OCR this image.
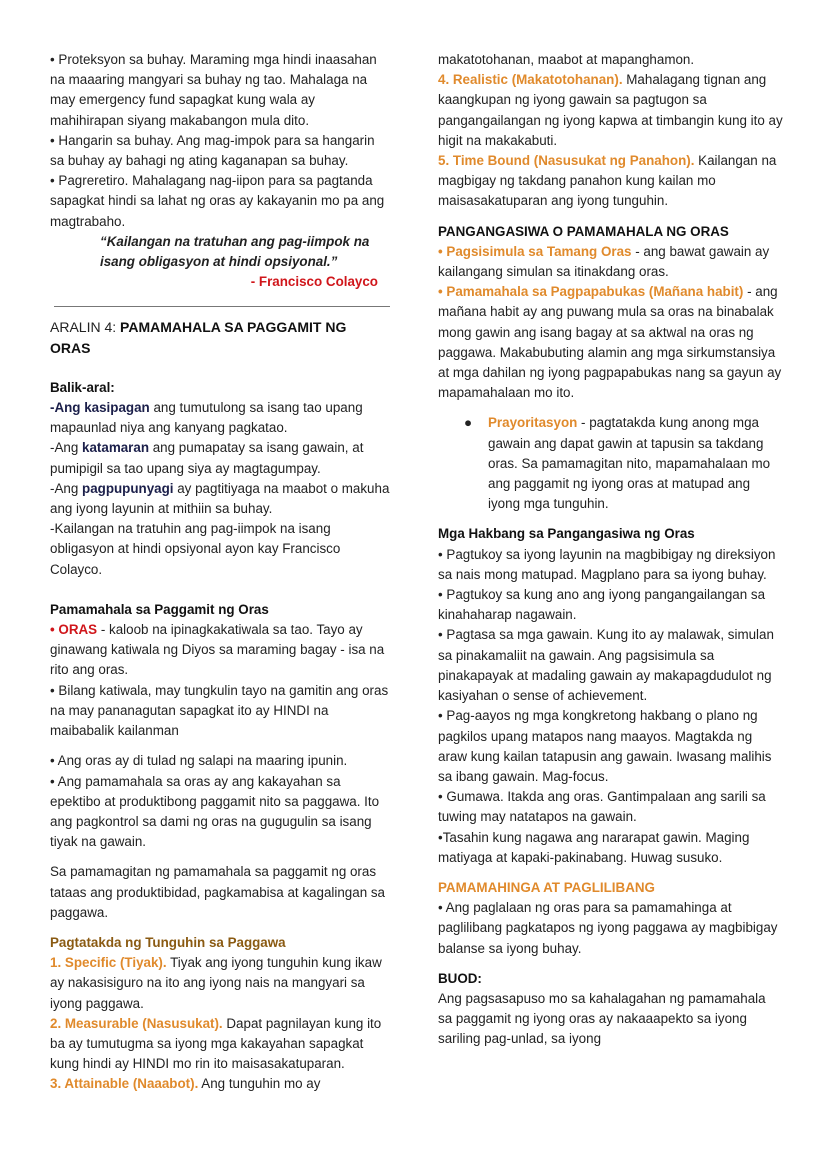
• Proteksyon sa buhay. Maraming mga hindi inaasahan na maaaring mangyari sa buhay ng tao. Mahalaga na may emergency fund sapagkat kung wala ay mahihirapan siyang makabangon mula dito.

• Hangarin sa buhay. Ang mag-impok para sa hangarin sa buhay ay bahagi ng ating kaganapan sa buhay.

• Pagreretiro. Mahalagang nag-iipon para sa pagtanda sapagkat hindi sa lahat ng oras ay kakayanin mo pa ang magtrabaho.

“Kailangan na tratuhan ang pag-iimpok na isang obligasyon at hindi opsiyonal.”

- Francisco Colayco

ARALIN 4: PAMAMAHALA SA PAGGAMIT NG ORAS

Balik-aral:

-Ang kasipagan ang tumutulong sa isang tao upang mapaunlad niya ang kanyang pagkatao.

-Ang katamaran ang pumapatay sa isang gawain, at pumipigil sa tao upang siya ay magtagumpay.

-Ang pagpupunyagi ay pagtitiyaga na maabot o makuha ang iyong layunin at mithiin sa buhay.

-Kailangan na tratuhin ang pag-iimpok na isang obligasyon at hindi opsiyonal ayon kay Francisco Colayco.

Pamamahala sa Paggamit ng Oras

• ORAS - kaloob na ipinagkakatiwala sa tao. Tayo ay ginawang katiwala ng Diyos sa maraming bagay - isa na rito ang oras.

• Bilang katiwala, may tungkulin tayo na gamitin ang oras na may pananagutan sapagkat ito ay HINDI na maibabalik kailanman

• Ang oras ay di tulad ng salapi na maaring ipunin.

• Ang pamamahala sa oras ay ang kakayahan sa epektibo at produktibong paggamit nito sa paggawa. Ito ang pagkontrol sa dami ng oras na gugugulin sa isang tiyak na gawain.

Sa pamamagitan ng pamamahala sa paggamit ng oras tataas ang produktibidad, pagkamabisa at kagalingan sa paggawa.

Pagtatakda ng Tunguhin sa Paggawa

1. Specific (Tiyak). Tiyak ang iyong tunguhin kung ikaw ay nakasisiguro na ito ang iyong nais na mangyari sa iyong paggawa.

2. Measurable (Nasusukat). Dapat pagnilayan kung ito ba ay tumutugma sa iyong mga kakayahan sapagkat kung hindi ay HINDI mo rin ito maisasakatuparan.

3. Attainable (Naaabot). Ang tunguhin mo ay

makatotohanan, maabot at mapanghamon.

4. Realistic (Makatotohanan). Mahalagang tignan ang kaangkupan ng iyong gawain sa pagtugon sa pangangailangan ng iyong kapwa at timbangin kung ito ay higit na makakabuti.

5. Time Bound (Nasusukat ng Panahon). Kailangan na magbigay ng takdang panahon kung kailan mo maisasakatuparan ang iyong tunguhin.

PANGANGASIWA O PAMAMAHALA NG ORAS

• Pagsisimula sa Tamang Oras - ang bawat gawain ay kailangang simulan sa itinakdang oras.

• Pamamahala sa Pagpapabukas (Mañana habit) - ang mañana habit ay ang puwang mula sa oras na binabalak mong gawin ang isang bagay at sa aktwal na oras ng paggawa. Makabubuting alamin ang mga sirkumstansiya at mga dahilan ng iyong pagpapabukas nang sa gayun ay mapamahalaan mo ito.

● Prayoritasyon - pagtatakda kung anong mga gawain ang dapat gawin at tapusin sa takdang oras. Sa pamamagitan nito, mapamahalaan mo ang paggamit ng iyong oras at matupad ang iyong mga tunguhin.

Mga Hakbang sa Pangangasiwa ng Oras

• Pagtukoy sa iyong layunin na magbibigay ng direksiyon sa nais mong matupad. Magplano para sa iyong buhay.

• Pagtukoy sa kung ano ang iyong pangangailangan sa kinahaharap nagawain.

• Pagtasa sa mga gawain. Kung ito ay malawak, simulan sa pinakamaliit na gawain. Ang pagsisimula sa pinakapayak at madaling gawain ay makapagdudulot ng kasiyahan o sense of achievement.

• Pag-aayos ng mga kongkretong hakbang o plano ng pagkilos upang matapos nang maayos. Magtakda ng araw kung kailan tatapusin ang gawain. Iwasang malihis sa ibang gawain. Mag-focus.

• Gumawa. Itakda ang oras. Gantimpalaan ang sarili sa tuwing may natatapos na gawain.

•Tasahin kung nagawa ang nararapat gawin. Maging matiyaga at kapaki-pakinabang. Huwag susuko.

PAMAMAHINGA AT PAGLILIBANG

• Ang paglalaan ng oras para sa pamamahinga at paglilibang pagkatapos ng iyong paggawa ay magbibigay balanse sa iyong buhay.

BUOD:

Ang pagsasapuso mo sa kahalagahan ng pamamahala sa paggamit ng iyong oras ay nakaaapekto sa iyong sariling pag-unlad, sa iyong
